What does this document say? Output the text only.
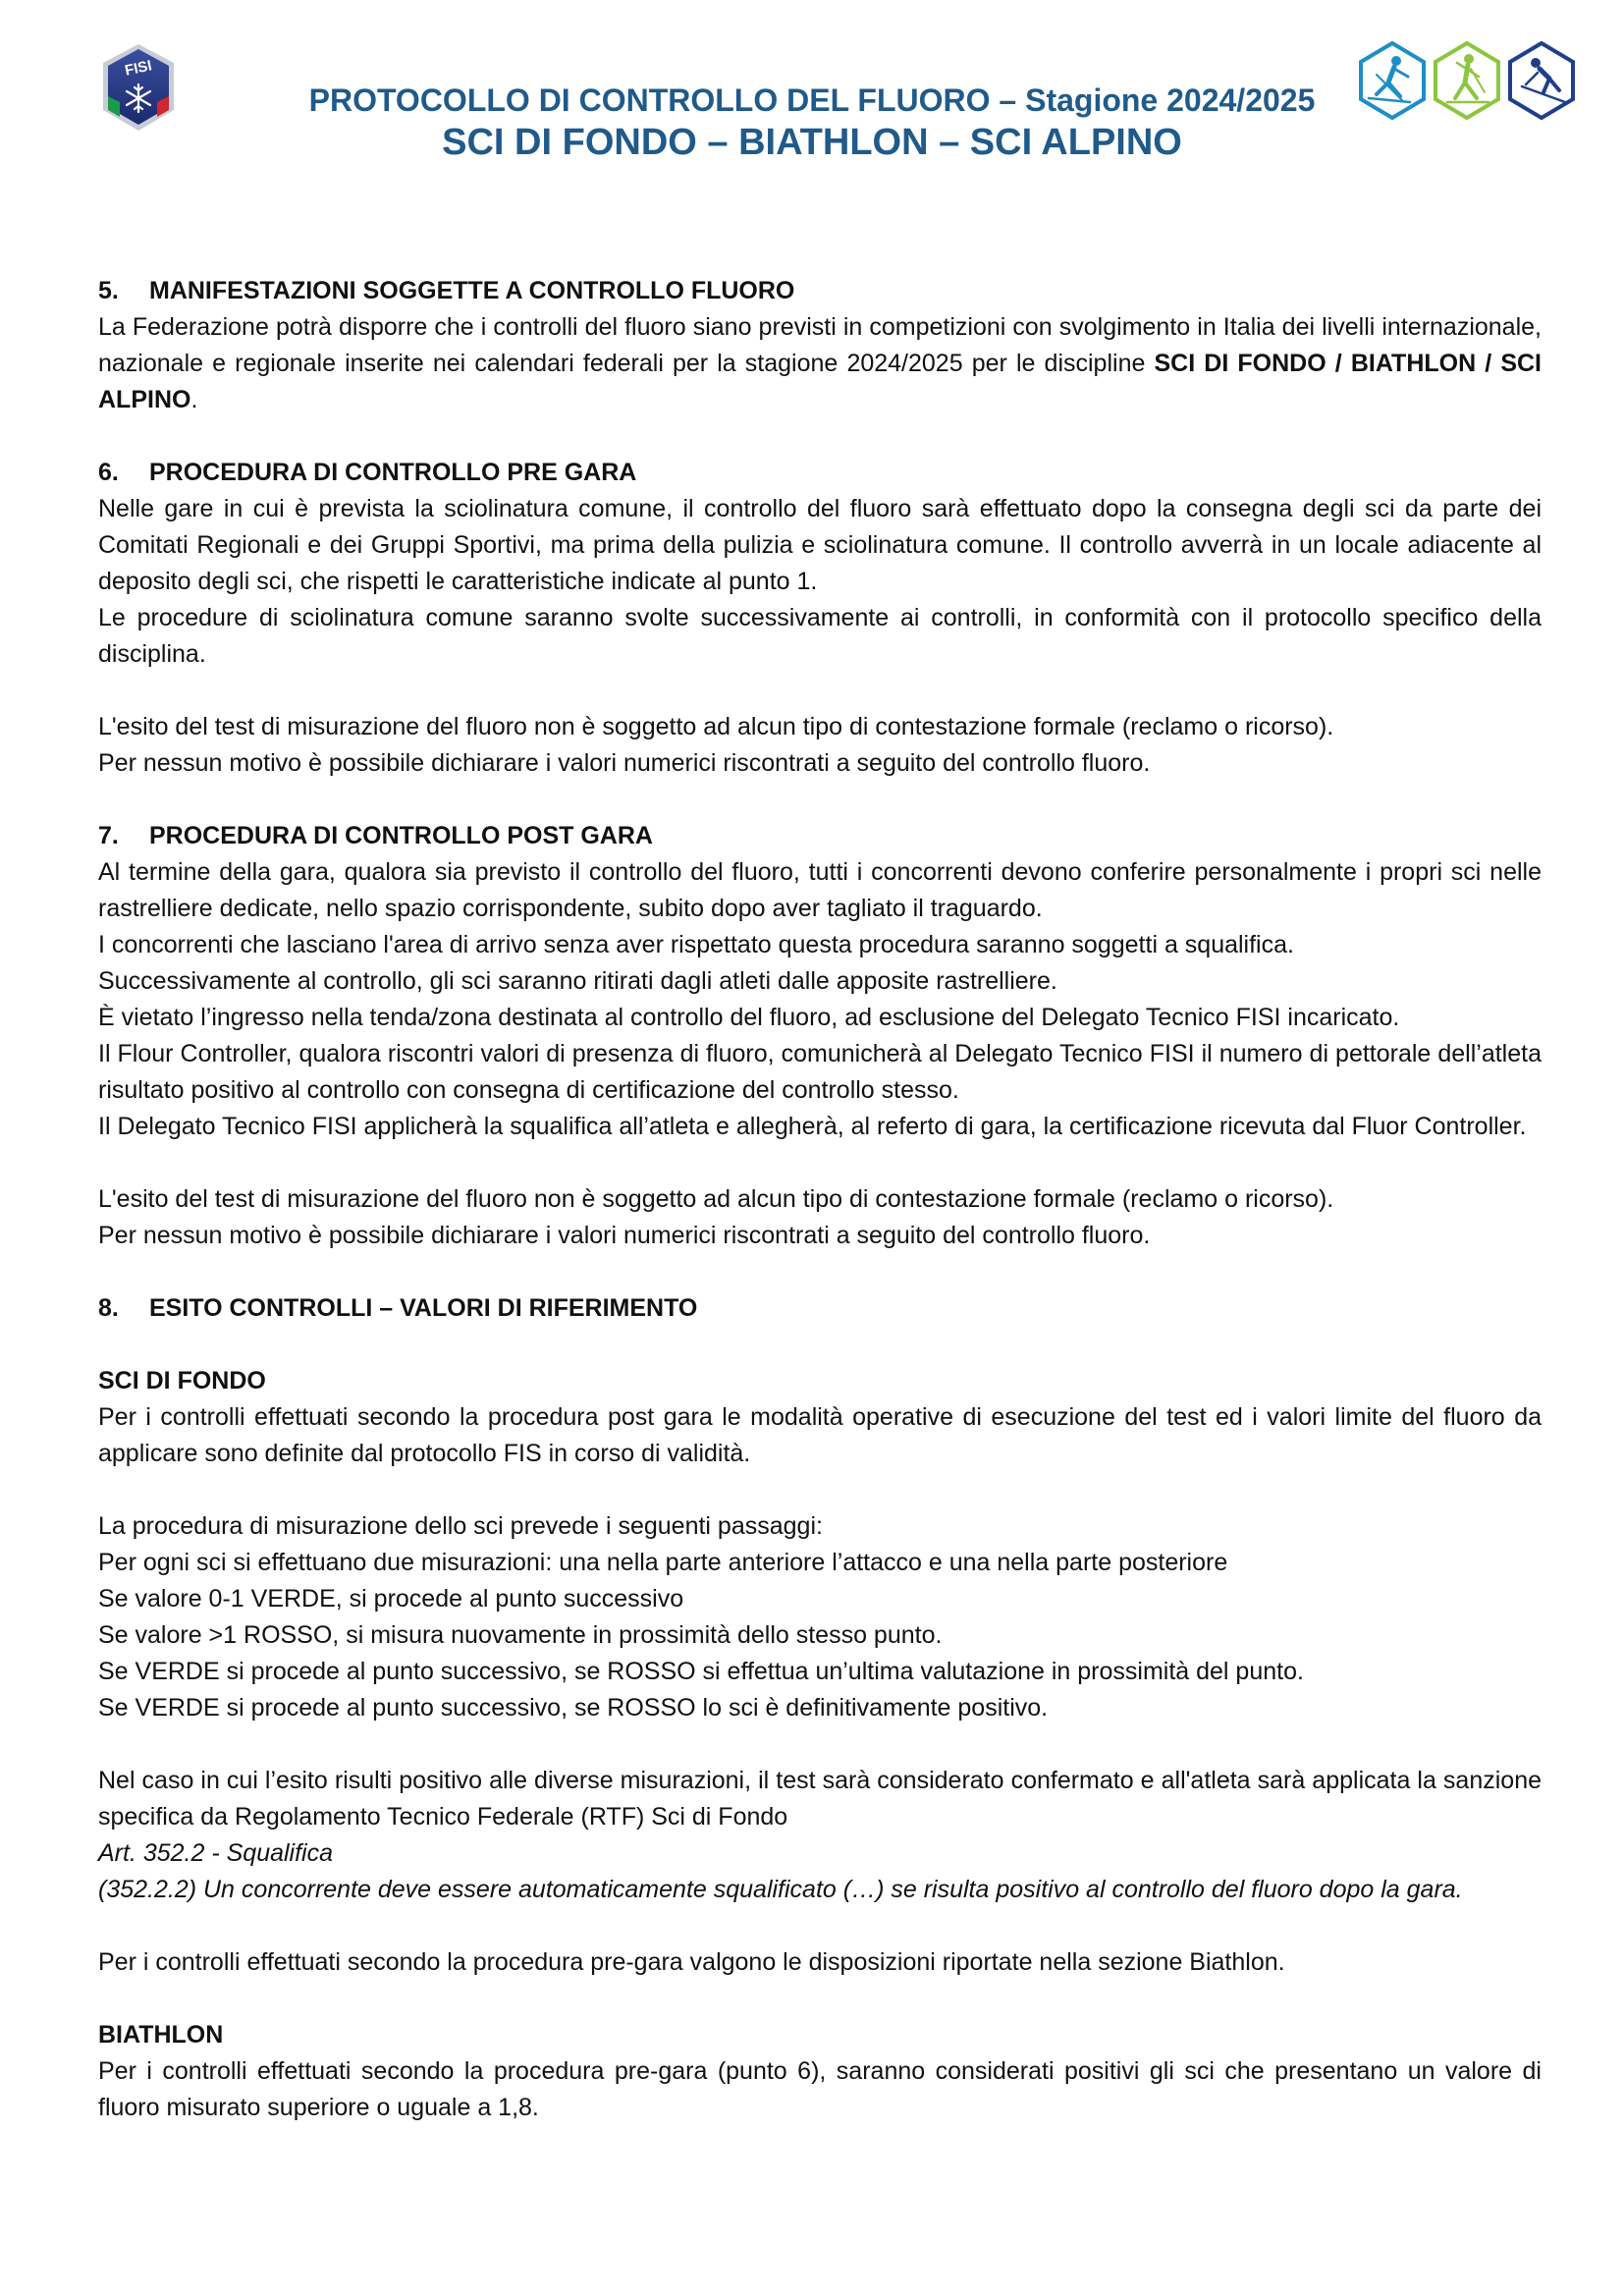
FISI
PROTOCOLLO DI CONTROLLO DEL FLUORO – Stagione 2024/2025
SCI DI FONDO – BIATHLON – SCI ALPINO

5. MANIFESTAZIONI SOGGETTE A CONTROLLO FLUORO

La Federazione potrà disporre che i controlli del fluoro siano previsti in competizioni con svolgimento in Italia dei livelli internazionale, nazionale e regionale inserite nei calendari federali per la stagione 2024/2025 per le discipline SCI DI FONDO / BIATHLON / SCI ALPINO.

6. PROCEDURA DI CONTROLLO PRE GARA

Nelle gare in cui è prevista la sciolinatura comune, il controllo del fluoro sarà effettuato dopo la consegna degli sci da parte dei Comitati Regionali e dei Gruppi Sportivi, ma prima della pulizia e sciolinatura comune. Il controllo avverrà in un locale adiacente al deposito degli sci, che rispetti le caratteristiche indicate al punto 1.

Le procedure di sciolinatura comune saranno svolte successivamente ai controlli, in conformità con il protocollo specifico della disciplina.

L'esito del test di misurazione del fluoro non è soggetto ad alcun tipo di contestazione formale (reclamo o ricorso).

Per nessun motivo è possibile dichiarare i valori numerici riscontrati a seguito del controllo fluoro.

7. PROCEDURA DI CONTROLLO POST GARA

Al termine della gara, qualora sia previsto il controllo del fluoro, tutti i concorrenti devono conferire personalmente i propri sci nelle rastrelliere dedicate, nello spazio corrispondente, subito dopo aver tagliato il traguardo.

I concorrenti che lasciano l'area di arrivo senza aver rispettato questa procedura saranno soggetti a squalifica.

Successivamente al controllo, gli sci saranno ritirati dagli atleti dalle apposite rastrelliere.

È vietato l’ingresso nella tenda/zona destinata al controllo del fluoro, ad esclusione del Delegato Tecnico FISI incaricato.

Il Flour Controller, qualora riscontri valori di presenza di fluoro, comunicherà al Delegato Tecnico FISI il numero di pettorale dell’atleta risultato positivo al controllo con consegna di certificazione del controllo stesso.

Il Delegato Tecnico FISI applicherà la squalifica all’atleta e allegherà, al referto di gara, la certificazione ricevuta dal Fluor Controller.

L'esito del test di misurazione del fluoro non è soggetto ad alcun tipo di contestazione formale (reclamo o ricorso).

Per nessun motivo è possibile dichiarare i valori numerici riscontrati a seguito del controllo fluoro.

8. ESITO CONTROLLI – VALORI DI RIFERIMENTO

SCI DI FONDO

Per i controlli effettuati secondo la procedura post gara le modalità operative di esecuzione del test ed i valori limite del fluoro da applicare sono definite dal protocollo FIS in corso di validità.

La procedura di misurazione dello sci prevede i seguenti passaggi:

Per ogni sci si effettuano due misurazioni: una nella parte anteriore l’attacco e una nella parte posteriore

Se valore 0-1 VERDE, si procede al punto successivo

Se valore >1 ROSSO, si misura nuovamente in prossimità dello stesso punto.

Se VERDE si procede al punto successivo, se ROSSO si effettua un’ultima valutazione in prossimità del punto.

Se VERDE si procede al punto successivo, se ROSSO lo sci è definitivamente positivo.

Nel caso in cui l’esito risulti positivo alle diverse misurazioni, il test sarà considerato confermato e all'atleta sarà applicata la sanzione specifica da Regolamento Tecnico Federale (RTF) Sci di Fondo

Art. 352.2 - Squalifica

(352.2.2) Un concorrente deve essere automaticamente squalificato (…) se risulta positivo al controllo del fluoro dopo la gara.

Per i controlli effettuati secondo la procedura pre-gara valgono le disposizioni riportate nella sezione Biathlon.

BIATHLON

Per i controlli effettuati secondo la procedura pre-gara (punto 6), saranno considerati positivi gli sci che presentano un valore di fluoro misurato superiore o uguale a 1,8.
